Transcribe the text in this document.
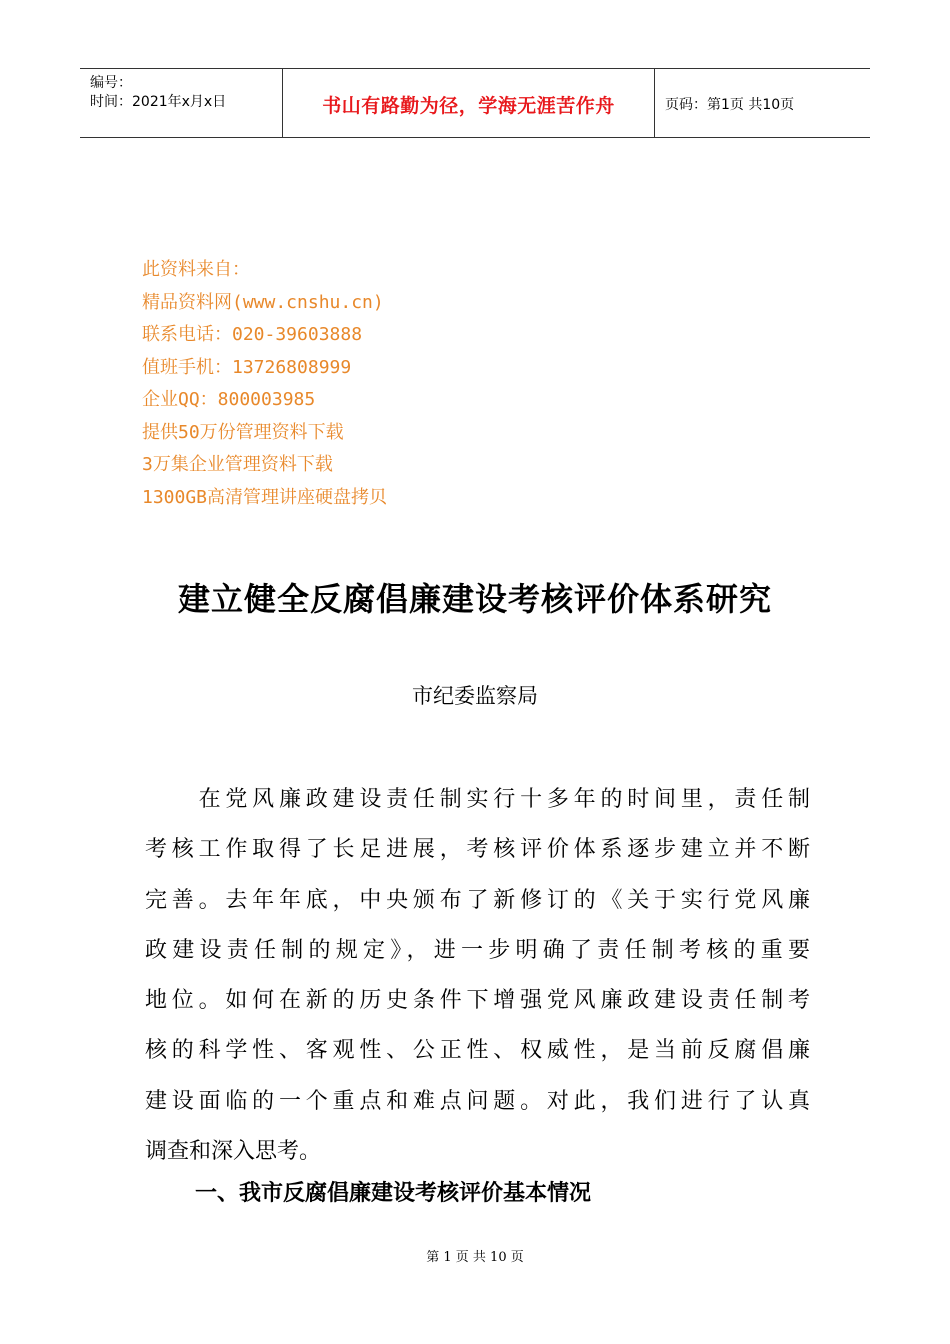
编号：
时间：2021年x月x日	书山有路勤为径，学海无涯苦作舟	页码：第1页 共10页
此资料来自：
精品资料网(www.cnshu.cn)
联系电话：020-39603888
值班手机：13726808999
企业QQ：800003985
提供50万份管理资料下载
3万集企业管理资料下载
1300GB高清管理讲座硬盘拷贝
建立健全反腐倡廉建设考核评价体系研究
市纪委监察局
　　在党风廉政建设责任制实行十多年的时间里，责任制
考核工作取得了长足进展，考核评价体系逐步建立并不断
完善。去年年底，中央颁布了新修订的《关于实行党风廉
政建设责任制的规定》，进一步明确了责任制考核的重要
地位。如何在新的历史条件下增强党风廉政建设责任制考
核的科学性、客观性、公正性、权威性，是当前反腐倡廉
建设面临的一个重点和难点问题。对此，我们进行了认真
调查和深入思考。
一、我市反腐倡廉建设考核评价基本情况
第 1 页 共 10 页
